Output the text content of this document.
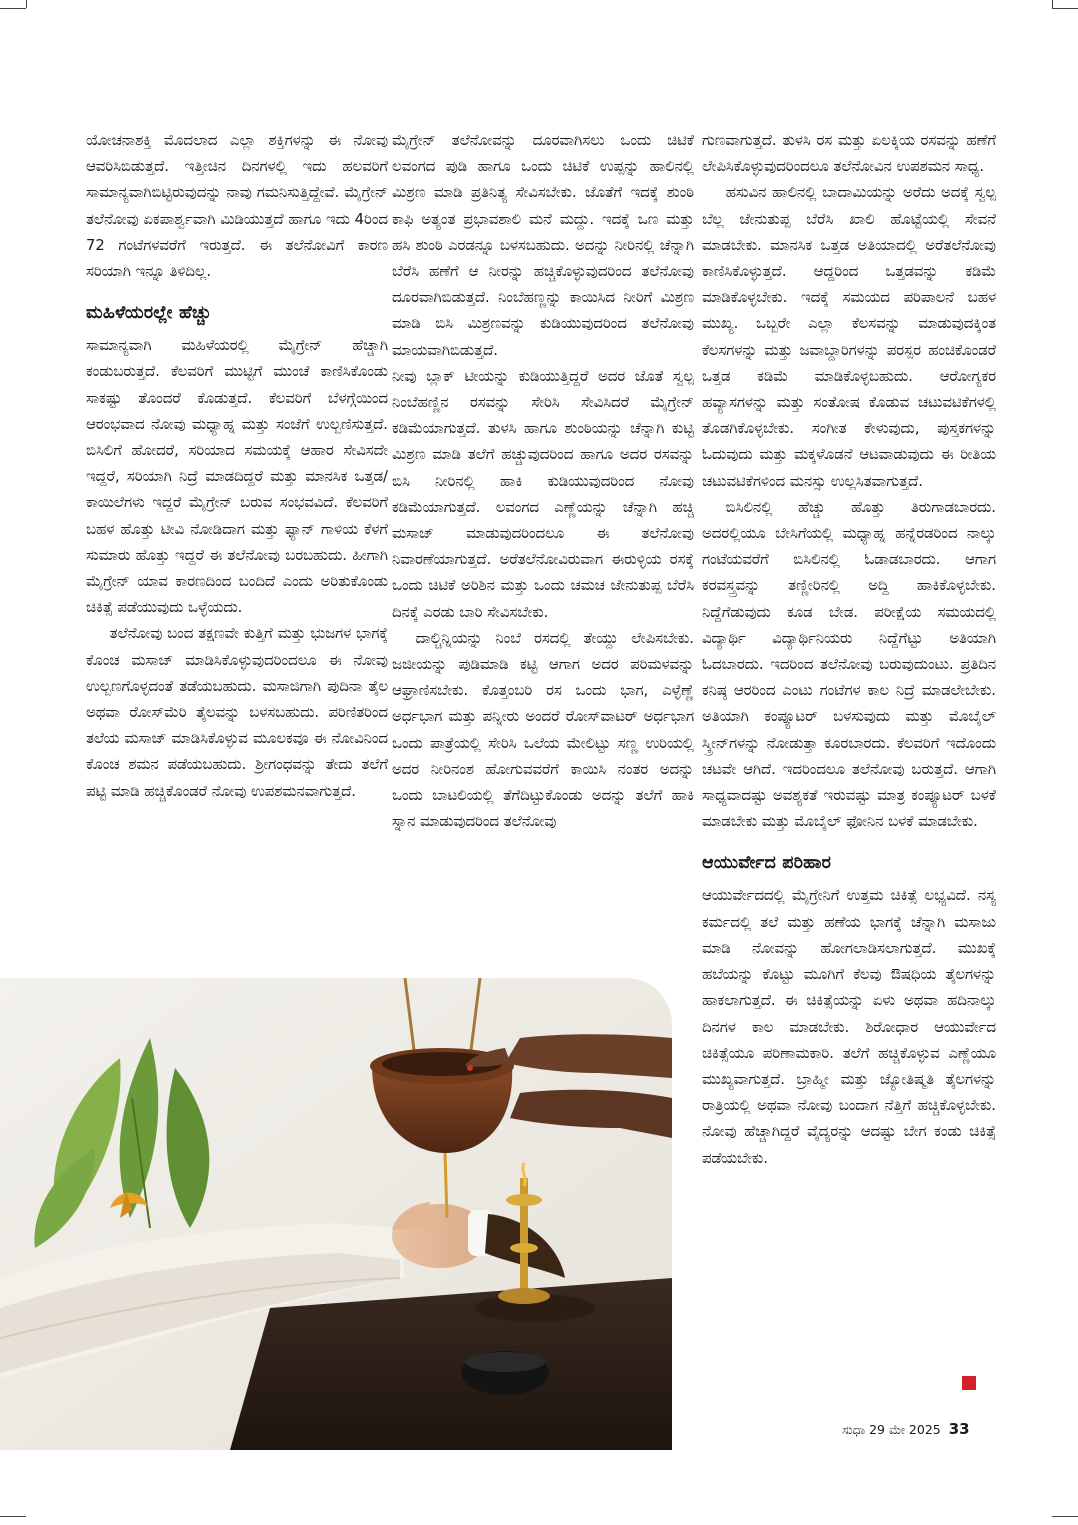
ಯೋಚನಾಶಕ್ತಿ ಮೊದಲಾದ ಎಲ್ಲಾ ಶಕ್ತಿಗಳನ್ನು ಈ ನೋವು ಆವರಿಸಿಬಿಡುತ್ತದೆ. ಇತ್ತೀಚಿನ ದಿನಗಳಲ್ಲಿ ಇದು ಹಲವರಿಗೆ ಸಾಮಾನ್ಯವಾಗಿಬಿಟ್ಟಿರುವುದನ್ನು ನಾವು ಗಮನಿಸುತ್ತಿದ್ದೇವೆ. ಮೈಗ್ರೇನ್ ತಲೆನೋವು ಏಕಪಾರ್ಶ್ವವಾಗಿ ಮಿಡಿಯುತ್ತದೆ ಹಾಗೂ ಇದು 4ರಿಂದ 72 ಗಂಟೆಗಳವರೆಗೆ ಇರುತ್ತದೆ. ಈ ತಲೆನೋವಿಗೆ ಕಾರಣ ಸರಿಯಾಗಿ ಇನ್ನೂ ತಿಳಿದಿಲ್ಲ.

ಮಹಿಳೆಯರಲ್ಲೇ ಹೆಚ್ಚು

ಸಾಮಾನ್ಯವಾಗಿ ಮಹಿಳೆಯರಲ್ಲಿ ಮೈಗ್ರೇನ್ ಹೆಚ್ಚಾಗಿ ಕಂಡುಬರುತ್ತದೆ. ಕೆಲವರಿಗೆ ಮುಟ್ಟಿಗೆ ಮುಂಚೆ ಕಾಣಿಸಿಕೊಂಡು ಸಾಕಷ್ಟು ತೊಂದರೆ ಕೊಡುತ್ತದೆ. ಕೆಲವರಿಗೆ ಬೆಳಗ್ಗೆಯಿಂದ ಆರಂಭವಾದ ನೋವು ಮಧ್ಯಾಹ್ನ ಮತ್ತು ಸಂಜೆಗೆ ಉಲ್ಬಣಿಸುತ್ತದೆ. ಬಿಸಿಲಿಗೆ ಹೋದರೆ, ಸರಿಯಾದ ಸಮಯಕ್ಕೆ ಆಹಾರ ಸೇವಿಸದೇ ಇದ್ದರೆ, ಸರಿಯಾಗಿ ನಿದ್ರೆ ಮಾಡದಿದ್ದರೆ ಮತ್ತು ಮಾನಸಿಕ ಒತ್ತಡ/ಕಾಯಿಲೆಗಳು ಇದ್ದರೆ ಮೈಗ್ರೇನ್ ಬರುವ ಸಂಭವವಿದೆ. ಕೆಲವರಿಗೆ ಬಹಳ ಹೊತ್ತು ಟೀವಿ ನೋಡಿದಾಗ ಮತ್ತು ಫ್ಯಾನ್ ಗಾಳಿಯ ಕೆಳಗೆ ಸುಮಾರು ಹೊತ್ತು ಇದ್ದರೆ ಈ ತಲೆನೋವು ಬರಬಹುದು. ಹೀಗಾಗಿ ಮೈಗ್ರೇನ್ ಯಾವ ಕಾರಣದಿಂದ ಬಂದಿದೆ ಎಂದು ಅರಿತುಕೊಂಡು ಚಿಕಿತ್ಸೆ ಪಡೆಯುವುದು ಒಳ್ಳೆಯದು.

ತಲೆನೋವು ಬಂದ ತಕ್ಷಣವೇ ಕುತ್ತಿಗೆ ಮತ್ತು ಭುಜಗಳ ಭಾಗಕ್ಕೆ ಕೊಂಚ ಮಸಾಜ್ ಮಾಡಿಸಿಕೊಳ್ಳುವುದರಿಂದಲೂ ಈ ನೋವು ಉಲ್ಬಣಗೊಳ್ಳದಂತೆ ತಡೆಯಬಹುದು. ಮಸಾಜಿಗಾಗಿ ಪುದಿನಾ ತೈಲ ಅಥವಾ ರೋಸ್‌ಮೆರಿ ತೈಲವನ್ನು ಬಳಸಬಹುದು. ಪರಿಣಿತರಿಂದ ತಲೆಯ ಮಸಾಜ್ ಮಾಡಿಸಿಕೊಳ್ಳುವ ಮೂಲಕವೂ ಈ ನೋವಿನಿಂದ ಕೊಂಚ ಶಮನ ಪಡೆಯಬಹುದು. ಶ್ರೀಗಂಧವನ್ನು ತೇದು ತಲೆಗೆ ಪಟ್ಟಿ ಮಾಡಿ ಹಚ್ಚಿಕೊಂಡರೆ ನೋವು ಉಪಶಮನವಾಗುತ್ತದೆ.

ಮೈಗ್ರೇನ್ ತಲೆನೋವನ್ನು ದೂರವಾಗಿಸಲು ಒಂದು ಚಿಟಿಕೆ ಲವಂಗದ ಪುಡಿ ಹಾಗೂ ಒಂದು ಚಿಟಿಕೆ ಉಪ್ಪನ್ನು ಹಾಲಿನಲ್ಲಿ ಮಿಶ್ರಣ ಮಾಡಿ ಪ್ರತಿನಿತ್ಯ ಸೇವಿಸಬೇಕು. ಜೊತೆಗೆ ಇದಕ್ಕೆ ಶುಂಠಿ ಕಾಫಿ ಅತ್ಯಂತ ಪ್ರಭಾವಶಾಲಿ ಮನೆ ಮದ್ದು. ಇದಕ್ಕೆ ಒಣ ಮತ್ತು ಹಸಿ ಶುಂಠಿ ಎರಡನ್ನೂ ಬಳಸಬಹುದು. ಅದನ್ನು ನೀರಿನಲ್ಲಿ ಚೆನ್ನಾಗಿ ಬೆರೆಸಿ ಹಣೆಗೆ ಆ ನೀರನ್ನು ಹಚ್ಚಿಕೊಳ್ಳುವುದರಿಂದ ತಲೆನೋವು ದೂರವಾಗಿಬಿಡುತ್ತದೆ. ನಿಂಬೆಹಣ್ಣನ್ನು ಕಾಯಿಸಿದ ನೀರಿಗೆ ಮಿಶ್ರಣ ಮಾಡಿ ಬಿಸಿ ಮಿಶ್ರಣವನ್ನು ಕುಡಿಯುವುದರಿಂದ ತಲೆನೋವು ಮಾಯವಾಗಿಬಿಡುತ್ತದೆ.

ನೀವು ಬ್ಲಾಕ್ ಟೀಯನ್ನು ಕುಡಿಯುತ್ತಿದ್ದರೆ ಅದರ ಜೊತೆ ಸ್ವಲ್ಪ ನಿಂಬೆಹಣ್ಣಿನ ರಸವನ್ನು ಸೇರಿಸಿ ಸೇವಿಸಿದರೆ ಮೈಗ್ರೇನ್ ಕಡಿಮೆಯಾಗುತ್ತದೆ. ತುಳಸಿ ಹಾಗೂ ಶುಂಠಿಯನ್ನು ಚೆನ್ನಾಗಿ ಕುಟ್ಟಿ ಮಿಶ್ರಣ ಮಾಡಿ ತಲೆಗೆ ಹಚ್ಚುವುದರಿಂದ ಹಾಗೂ ಅದರ ರಸವನ್ನು ಬಿಸಿ ನೀರಿನಲ್ಲಿ ಹಾಕಿ ಕುಡಿಯುವುದರಿಂದ ನೋವು ಕಡಿಮೆಯಾಗುತ್ತದೆ. ಲವಂಗದ ಎಣ್ಣೆಯನ್ನು ಚೆನ್ನಾಗಿ ಹಚ್ಚಿ ಮಸಾಜ್ ಮಾಡುವುದರಿಂದಲೂ ಈ ತಲೆನೋವು ನಿವಾರಣೆಯಾಗುತ್ತದೆ. ಅರೆತಲೆನೋವಿರುವಾಗ ಈರುಳ್ಳಿಯ ರಸಕ್ಕೆ ಒಂದು ಚಿಟಿಕೆ ಅರಿಶಿನ ಮತ್ತು ಒಂದು ಚಮಚ ಜೇನುತುಪ್ಪ ಬೆರೆಸಿ ದಿನಕ್ಕೆ ಎರಡು ಬಾರಿ ಸೇವಿಸಬೇಕು.

ದಾಲ್ಚಿನ್ನಿಯನ್ನು ನಿಂಬೆ ರಸದಲ್ಲಿ ತೇಯ್ದು ಲೇಪಿಸಬೇಕು. ಜಜೀಯನ್ನು ಪುಡಿಮಾಡಿ ಕಟ್ಟಿ ಆಗಾಗ ಅದರ ಪರಿಮಳವನ್ನು ಆಘ್ರಾಣಿಸಬೇಕು. ಕೊತ್ತಂಬರಿ ರಸ ಒಂದು ಭಾಗ, ಎಳ್ಳೆಣ್ಣೆ ಅರ್ಧಭಾಗ ಮತ್ತು ಪನ್ನೀರು ಅಂದರೆ ರೋಸ್‌ವಾಟರ್ ಅರ್ಧಭಾಗ ಒಂದು ಪಾತ್ರೆಯಲ್ಲಿ ಸೇರಿಸಿ ಒಲೆಯ ಮೇಲಿಟ್ಟು ಸಣ್ಣ ಉರಿಯಲ್ಲಿ ಅದರ ನೀರಿನಂಶ ಹೋಗುವವರೆಗೆ ಕಾಯಿಸಿ ನಂತರ ಅದನ್ನು ಒಂದು ಬಾಟಲಿಯಲ್ಲಿ ತೆಗೆದಿಟ್ಟುಕೊಂಡು ಅದನ್ನು ತಲೆಗೆ ಹಾಕಿ ಸ್ನಾನ ಮಾಡುವುದರಿಂದ ತಲೆನೋವು

ಗುಣವಾಗುತ್ತದೆ. ತುಳಸಿ ರಸ ಮತ್ತು ಏಲಕ್ಕಿಯ ರಸವನ್ನು ಹಣೆಗೆ ಲೇಪಿಸಿಕೊಳ್ಳುವುದರಿಂದಲೂ ತಲೆನೋವಿನ ಉಪಶಮನ ಸಾಧ್ಯ.

ಹಸುವಿನ ಹಾಲಿನಲ್ಲಿ ಬಾದಾಮಿಯನ್ನು ಅರೆದು ಅದಕ್ಕೆ ಸ್ವಲ್ಪ ಬೆಲ್ಲ ಜೇನುತುಪ್ಪ ಬೆರೆಸಿ ಖಾಲಿ ಹೊಟ್ಟೆಯಲ್ಲಿ ಸೇವನೆ ಮಾಡಬೇಕು. ಮಾನಸಿಕ ಒತ್ತಡ ಅತಿಯಾದಲ್ಲಿ ಅರೆತಲೆನೋವು ಕಾಣಿಸಿಕೊಳ್ಳುತ್ತದೆ. ಆದ್ದರಿಂದ ಒತ್ತಡವನ್ನು ಕಡಿಮೆ ಮಾಡಿಕೊಳ್ಳಬೇಕು. ಇದಕ್ಕೆ ಸಮಯದ ಪರಿಪಾಲನೆ ಬಹಳ ಮುಖ್ಯ. ಒಬ್ಬರೇ ಎಲ್ಲಾ ಕೆಲಸವನ್ನು ಮಾಡುವುದಕ್ಕಿಂತ ಕೆಲಸಗಳನ್ನು ಮತ್ತು ಜವಾಬ್ದಾರಿಗಳನ್ನು ಪರಸ್ಪರ ಹಂಚಿಕೊಂಡರೆ ಒತ್ತಡ ಕಡಿಮೆ ಮಾಡಿಕೊಳ್ಳಬಹುದು. ಆರೋಗ್ಯಕರ ಹವ್ಯಾಸಗಳನ್ನು ಮತ್ತು ಸಂತೋಷ ಕೊಡುವ ಚಟುವಟಿಕೆಗಳಲ್ಲಿ ತೊಡಗಿಕೊಳ್ಳಬೇಕು. ಸಂಗೀತ ಕೇಳುವುದು, ಪುಸ್ತಕಗಳನ್ನು ಓದುವುದು ಮತ್ತು ಮಕ್ಕಳೊಡನೆ ಆಟವಾಡುವುದು ಈ ರೀತಿಯ ಚಟುವಟಿಕೆಗಳಿಂದ ಮನಸ್ಸು ಉಲ್ಲಸಿತವಾಗುತ್ತದೆ.

ಬಿಸಿಲಿನಲ್ಲಿ ಹೆಚ್ಚು ಹೊತ್ತು ತಿರುಗಾಡಬಾರದು. ಅದರಲ್ಲಿಯೂ ಬೇಸಿಗೆಯಲ್ಲಿ ಮಧ್ಯಾಹ್ನ ಹನ್ನೆರಡರಿಂದ ನಾಲ್ಕು ಗಂಟೆಯವರೆಗೆ ಬಿಸಿಲಿನಲ್ಲಿ ಓಡಾಡಬಾರದು. ಆಗಾಗ ಕರವಸ್ತ್ರವನ್ನು ತಣ್ಣೀರಿನಲ್ಲಿ ಅದ್ದಿ ಹಾಕಿಕೊಳ್ಳಬೇಕು. ನಿದ್ದೆಗೆಡುವುದು ಕೂಡ ಬೇಡ. ಪರೀಕ್ಷೆಯ ಸಮಯದಲ್ಲಿ ವಿದ್ಯಾರ್ಥಿ ವಿದ್ಯಾರ್ಥಿನಿಯರು ನಿದ್ದೆಗೆಟ್ಟು ಅತಿಯಾಗಿ ಓದಬಾರದು. ಇದರಿಂದ ತಲೆನೋವು ಬರುವುದುಂಟು. ಪ್ರತಿದಿನ ಕನಿಷ್ಠ ಆರರಿಂದ ಎಂಟು ಗಂಟೆಗಳ ಕಾಲ ನಿದ್ರೆ ಮಾಡಲೇಬೇಕು. ಅತಿಯಾಗಿ ಕಂಪ್ಯೂಟರ್ ಬಳಸುವುದು ಮತ್ತು ಮೊಬೈಲ್ ಸ್ಕ್ರೀನ್‌ಗಳನ್ನು ನೋಡುತ್ತಾ ಕೂರಬಾರದು. ಕೆಲವರಿಗೆ ಇದೊಂದು ಚಟವೇ ಆಗಿದೆ. ಇದರಿಂದಲೂ ತಲೆನೋವು ಬರುತ್ತದೆ. ಆಗಾಗಿ ಸಾಧ್ಯವಾದಷ್ಟು ಅವಶ್ಯಕತೆ ಇರುವಷ್ಟು ಮಾತ್ರ ಕಂಪ್ಯೂಟರ್ ಬಳಕೆ ಮಾಡಬೇಕು ಮತ್ತು ಮೊಬೈಲ್ ಫೋನಿನ ಬಳಕೆ ಮಾಡಬೇಕು.

ಆಯುರ್ವೇದ ಪರಿಹಾರ

ಆಯುರ್ವೇದದಲ್ಲಿ ಮೈಗ್ರೇನಿಗೆ ಉತ್ತಮ ಚಿಕಿತ್ಸೆ ಲಭ್ಯವಿದೆ. ನಸ್ಯ ಕರ್ಮದಲ್ಲಿ ತಲೆ ಮತ್ತು ಹಣೆಯ ಭಾಗಕ್ಕೆ ಚೆನ್ನಾಗಿ ಮಸಾಜು ಮಾಡಿ ನೋವನ್ನು ಹೋಗಲಾಡಿಸಲಾಗುತ್ತದೆ. ಮುಖಕ್ಕೆ ಹಬೆಯನ್ನು ಕೊಟ್ಟು ಮೂಗಿಗೆ ಕೆಲವು ಔಷಧಿಯ ತೈಲಗಳನ್ನು ಹಾಕಲಾಗುತ್ತದೆ. ಈ ಚಿಕಿತ್ಸೆಯನ್ನು ಏಳು ಅಥವಾ ಹದಿನಾಲ್ಕು ದಿನಗಳ ಕಾಲ ಮಾಡಬೇಕು. ಶಿರೋಧಾರ ಆಯುರ್ವೇದ ಚಿಕಿತ್ಸೆಯೂ ಪರಿಣಾಮಕಾರಿ. ತಲೆಗೆ ಹಚ್ಚಿಕೊಳ್ಳುವ ಎಣ್ಣೆಯೂ ಮುಖ್ಯವಾಗುತ್ತದೆ. ಬ್ರಾಹ್ಮೀ ಮತ್ತು ಜ್ಯೋತಿಷ್ಮತಿ ತೈಲಗಳನ್ನು ರಾತ್ರಿಯಲ್ಲಿ ಅಥವಾ ನೋವು ಬಂದಾಗ ನೆತ್ತಿಗೆ ಹಚ್ಚಿಕೊಳ್ಳಬೇಕು. ನೋವು ಹೆಚ್ಚಾಗಿದ್ದರೆ ವೈದ್ಯರನ್ನು ಆದಷ್ಟು ಬೇಗ ಕಂಡು ಚಿಕಿತ್ಸೆ ಪಡೆಯಬೇಕು.

ಸುಧಾ 29 ಮೇ 2025 33
